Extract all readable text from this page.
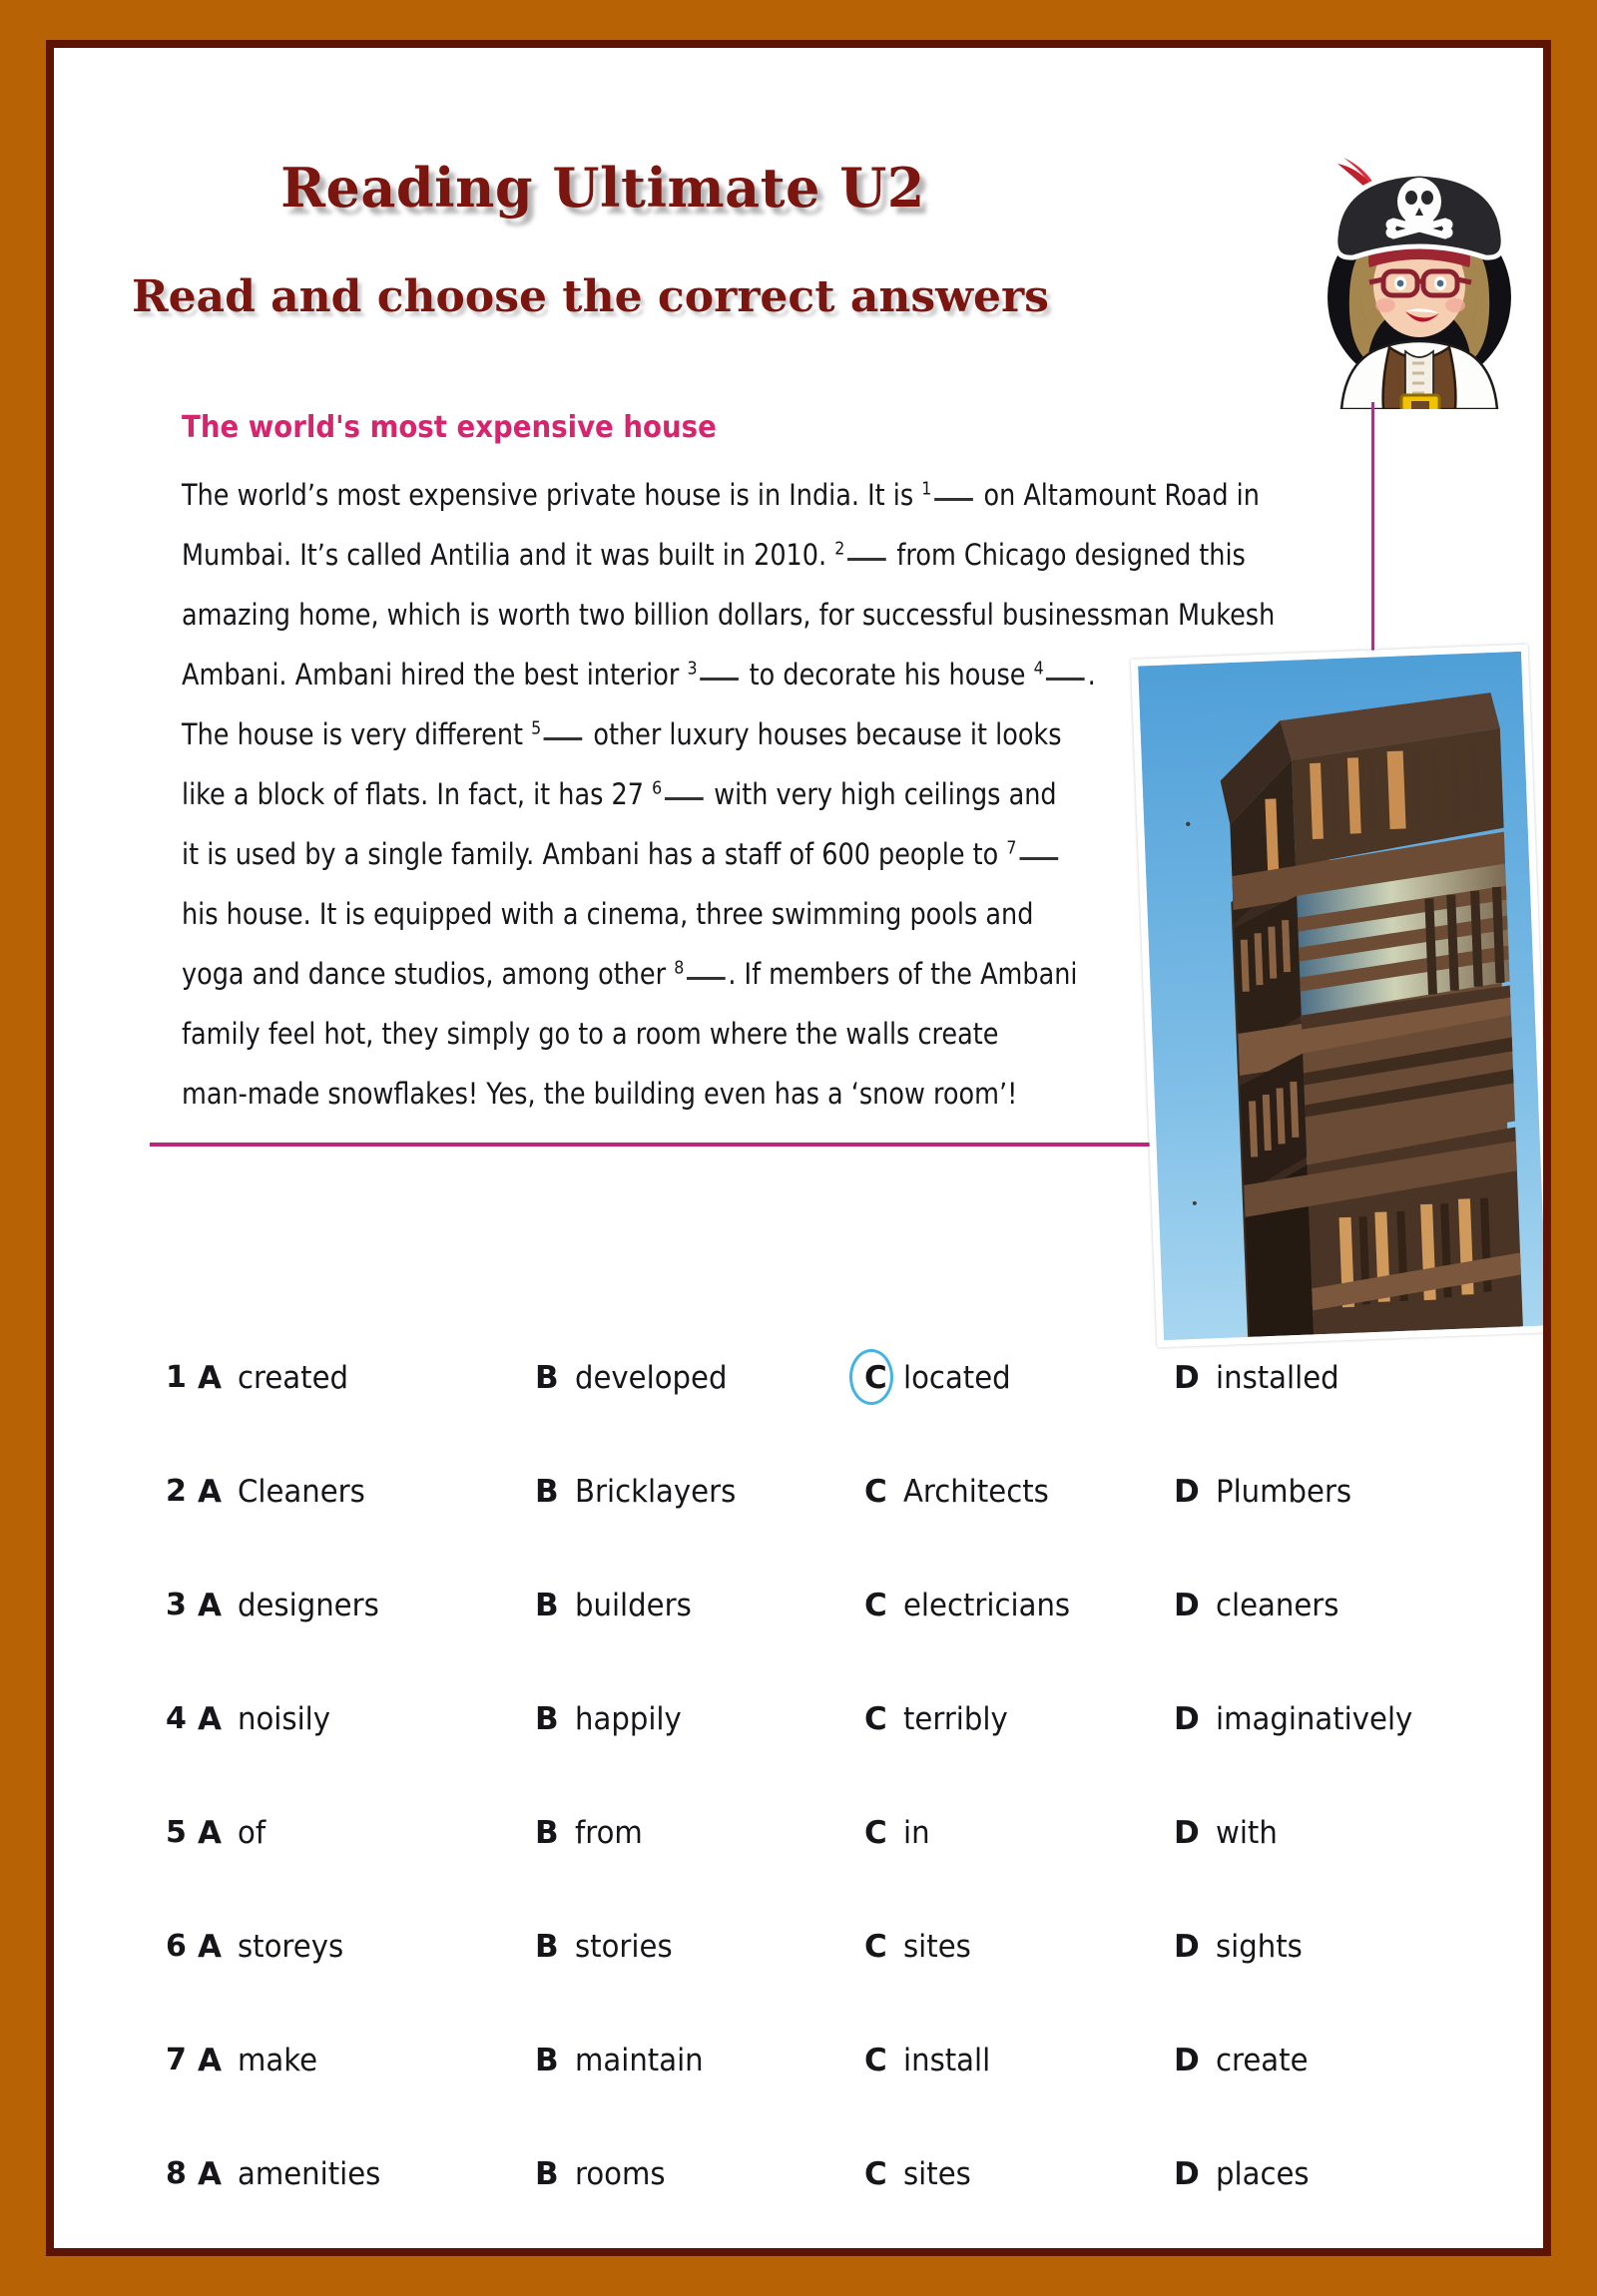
Reading Ultimate U2
Read and choose the correct answers
The world's most expensive house
The world’s most expensive private house is in India. It is $^1$ on Altamount Road in
Mumbai. It’s called Antilia and it was built in 2010. $^2$ from Chicago designed this
amazing home, which is worth two billion dollars, for successful businessman Mukesh
Ambani. Ambani hired the best interior $^3$ to decorate his house $^4$ .
The house is very different $^5$ other luxury houses because it looks
like a block of flats. In fact, it has 27 $^6$ with very high ceilings and
it is used by a single family. Ambani has a staff of 600 people to $^7$
his house. It is equipped with a cinema, three swimming pools and
yoga and dance studios, among other $^8$ . If members of the Ambani
family feel hot, they simply go to a room where the walls create
man-made snowflakes! Yes, the building even has a ‘snow room’!
1 A created	B developed	C located	D installed
2 A Cleaners	B Bricklayers	C Architects	D Plumbers
3 A designers	B builders	C electricians	D cleaners
4 A noisily	B happily	C terribly	D imaginatively
5 A of	B from	C in	D with
6 A storeys	B stories	C sites	D sights
7 A make	B maintain	C install	D create
8 A amenities	B rooms	C sites	D places
